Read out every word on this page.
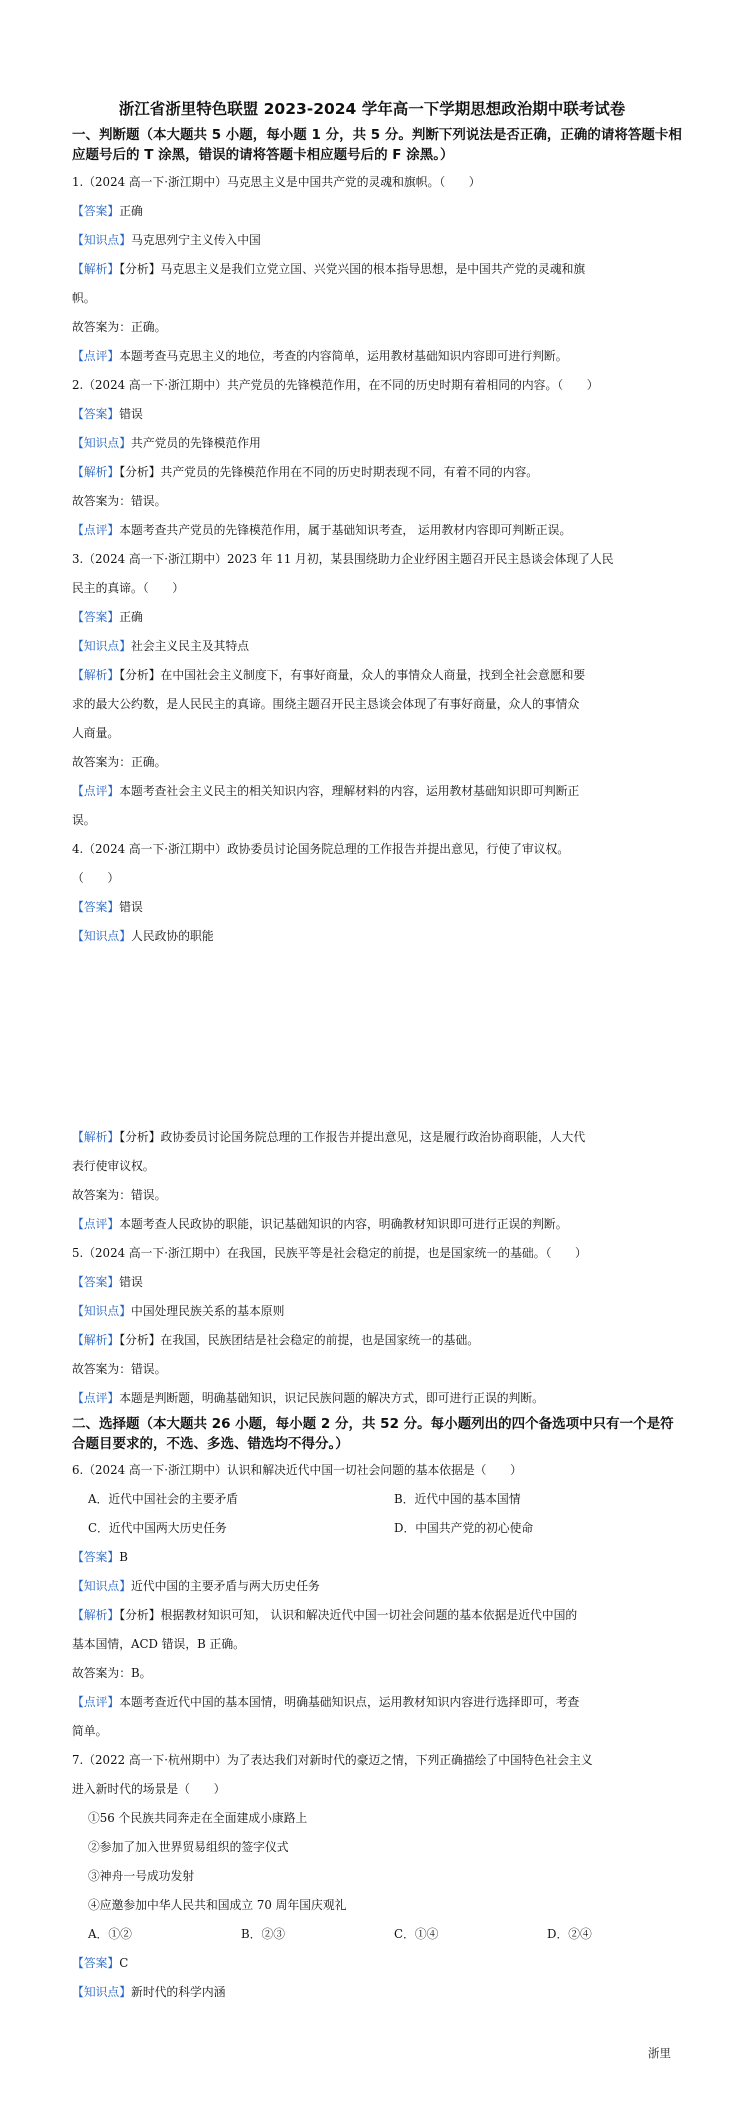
浙江省浙里特色联盟 2023-2024 学年高一下学期思想政治期中联考试卷
一、判断题（本大题共 5 小题，每小题 1 分，共 5 分。判断下列说法是否正确，正确的请将答题卡相应题号后的 T 涂黑，错误的请将答题卡相应题号后的 F 涂黑。）
1.（2024 高一下·浙江期中）马克思主义是中国共产党的灵魂和旗帜。（　　）
【答案】正确
【知识点】马克思列宁主义传入中国
【解析】【分析】马克思主义是我们立党立国、兴党兴国的根本指导思想，是中国共产党的灵魂和旗
帜。
故答案为：正确。
【点评】本题考查马克思主义的地位，考查的内容简单，运用教材基础知识内容即可进行判断。
2.（2024 高一下·浙江期中）共产党员的先锋模范作用，在不同的历史时期有着相同的内容。（　　）
【答案】错误
【知识点】共产党员的先锋模范作用
【解析】【分析】共产党员的先锋模范作用在不同的历史时期表现不同，有着不同的内容。
故答案为：错误。
【点评】本题考查共产党员的先锋模范作用，属于基础知识考查， 运用教材内容即可判断正误。
3.（2024 高一下·浙江期中）2023 年 11 月初，某县围绕助力企业纾困主题召开民主恳谈会体现了人民
民主的真谛。（　　）
【答案】正确
【知识点】社会主义民主及其特点
【解析】【分析】在中国社会主义制度下，有事好商量，众人的事情众人商量，找到全社会意愿和要
求的最大公约数，是人民民主的真谛。围绕主题召开民主恳谈会体现了有事好商量，众人的事情众
人商量。
故答案为：正确。
【点评】本题考查社会主义民主的相关知识内容，理解材料的内容，运用教材基础知识即可判断正
误。
4.（2024 高一下·浙江期中）政协委员讨论国务院总理的工作报告并提出意见，行使了审议权。
（　　）
【答案】错误
【知识点】人民政协的职能
【解析】【分析】政协委员讨论国务院总理的工作报告并提出意见，这是履行政治协商职能，人大代
表行使审议权。
故答案为：错误。
【点评】本题考查人民政协的职能，识记基础知识的内容，明确教材知识即可进行正误的判断。
5.（2024 高一下·浙江期中）在我国，民族平等是社会稳定的前提，也是国家统一的基础。（　　）
【答案】错误
【知识点】中国处理民族关系的基本原则
【解析】【分析】在我国，民族团结是社会稳定的前提，也是国家统一的基础。
故答案为：错误。
【点评】本题是判断题，明确基础知识，识记民族问题的解决方式，即可进行正误的判断。
二、选择题（本大题共 26 小题，每小题 2 分，共 52 分。每小题列出的四个备选项中只有一个是符合题目要求的，不选、多选、错选均不得分。）
6.（2024 高一下·浙江期中）认识和解决近代中国一切社会问题的基本依据是（　　）
A．近代中国社会的主要矛盾	B．近代中国的基本国情
C．近代中国两大历史任务	D．中国共产党的初心使命
【答案】B
【知识点】近代中国的主要矛盾与两大历史任务
【解析】【分析】根据教材知识可知， 认识和解决近代中国一切社会问题的基本依据是近代中国的
基本国情，ACD 错误，B 正确。
故答案为：B。
【点评】本题考查近代中国的基本国情，明确基础知识点，运用教材知识内容进行选择即可，考查
简单。
7.（2022 高一下·杭州期中）为了表达我们对新时代的豪迈之情，下列正确描绘了中国特色社会主义
进入新时代的场景是（　　）
①56 个民族共同奔走在全面建成小康路上
②参加了加入世界贸易组织的签字仪式
③神舟一号成功发射
④应邀参加中华人民共和国成立 70 周年国庆观礼
A．①②	B．②③	C．①④	D．②④
【答案】C
【知识点】新时代的科学内涵
浙里
